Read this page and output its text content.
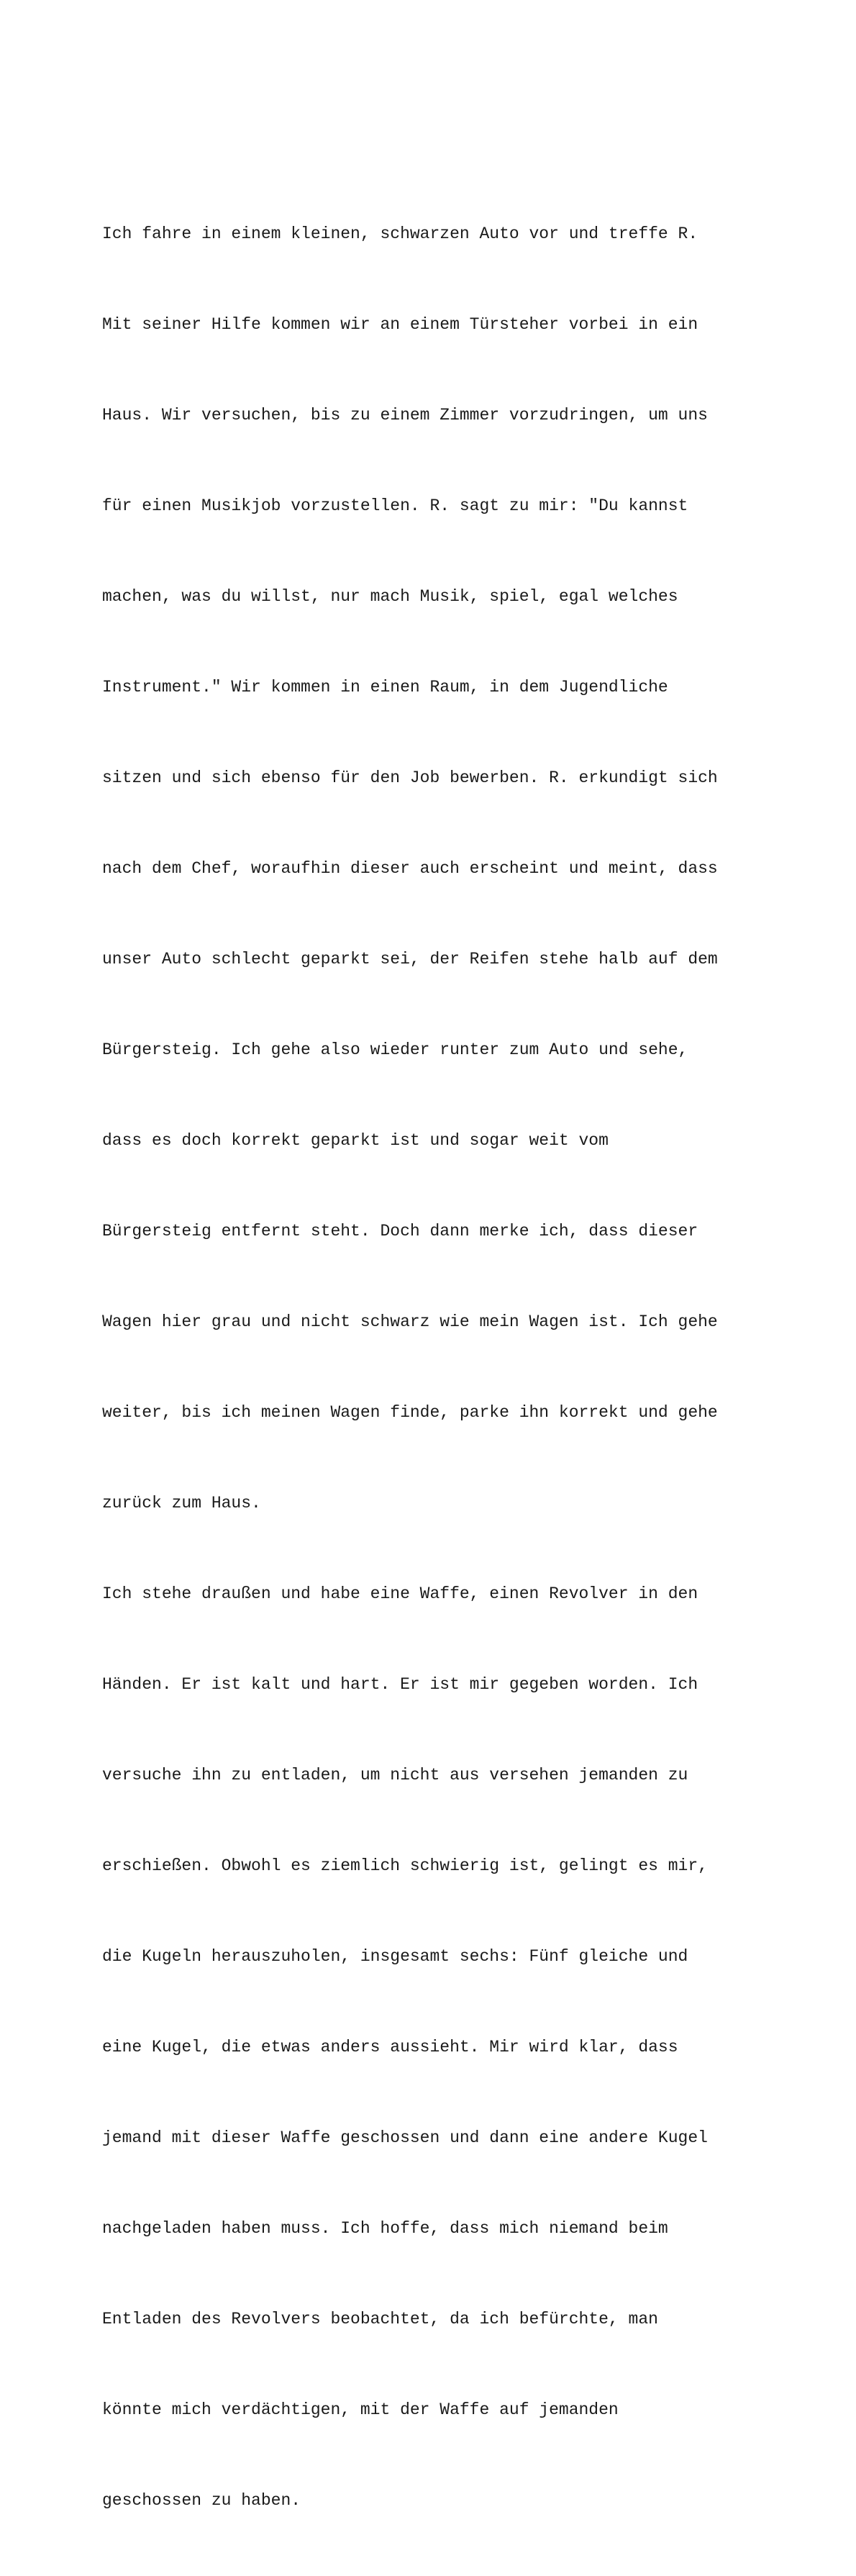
Ich fahre in einem kleinen, schwarzen Auto vor und treffe R.

Mit seiner Hilfe kommen wir an einem Türsteher vorbei in ein

Haus. Wir versuchen, bis zu einem Zimmer vorzudringen, um uns

für einen Musikjob vorzustellen. R. sagt zu mir: "Du kannst

machen, was du willst, nur mach Musik, spiel, egal welches

Instrument." Wir kommen in einen Raum, in dem Jugendliche

sitzen und sich ebenso für den Job bewerben. R. erkundigt sich

nach dem Chef, woraufhin dieser auch erscheint und meint, dass

unser Auto schlecht geparkt sei, der Reifen stehe halb auf dem

Bürgersteig. Ich gehe also wieder runter zum Auto und sehe,

dass es doch korrekt geparkt ist und sogar weit vom

Bürgersteig entfernt steht. Doch dann merke ich, dass dieser

Wagen hier grau und nicht schwarz wie mein Wagen ist. Ich gehe

weiter, bis ich meinen Wagen finde, parke ihn korrekt und gehe

zurück zum Haus.

Ich stehe draußen und habe eine Waffe, einen Revolver in den

Händen. Er ist kalt und hart. Er ist mir gegeben worden. Ich

versuche ihn zu entladen, um nicht aus versehen jemanden zu

erschießen. Obwohl es ziemlich schwierig ist, gelingt es mir,

die Kugeln herauszuholen, insgesamt sechs: Fünf gleiche und

eine Kugel, die etwas anders aussieht. Mir wird klar, dass

jemand mit dieser Waffe geschossen und dann eine andere Kugel

nachgeladen haben muss. Ich hoffe, dass mich niemand beim

Entladen des Revolvers beobachtet, da ich befürchte, man

könnte mich verdächtigen, mit der Waffe auf jemanden

geschossen zu haben.
